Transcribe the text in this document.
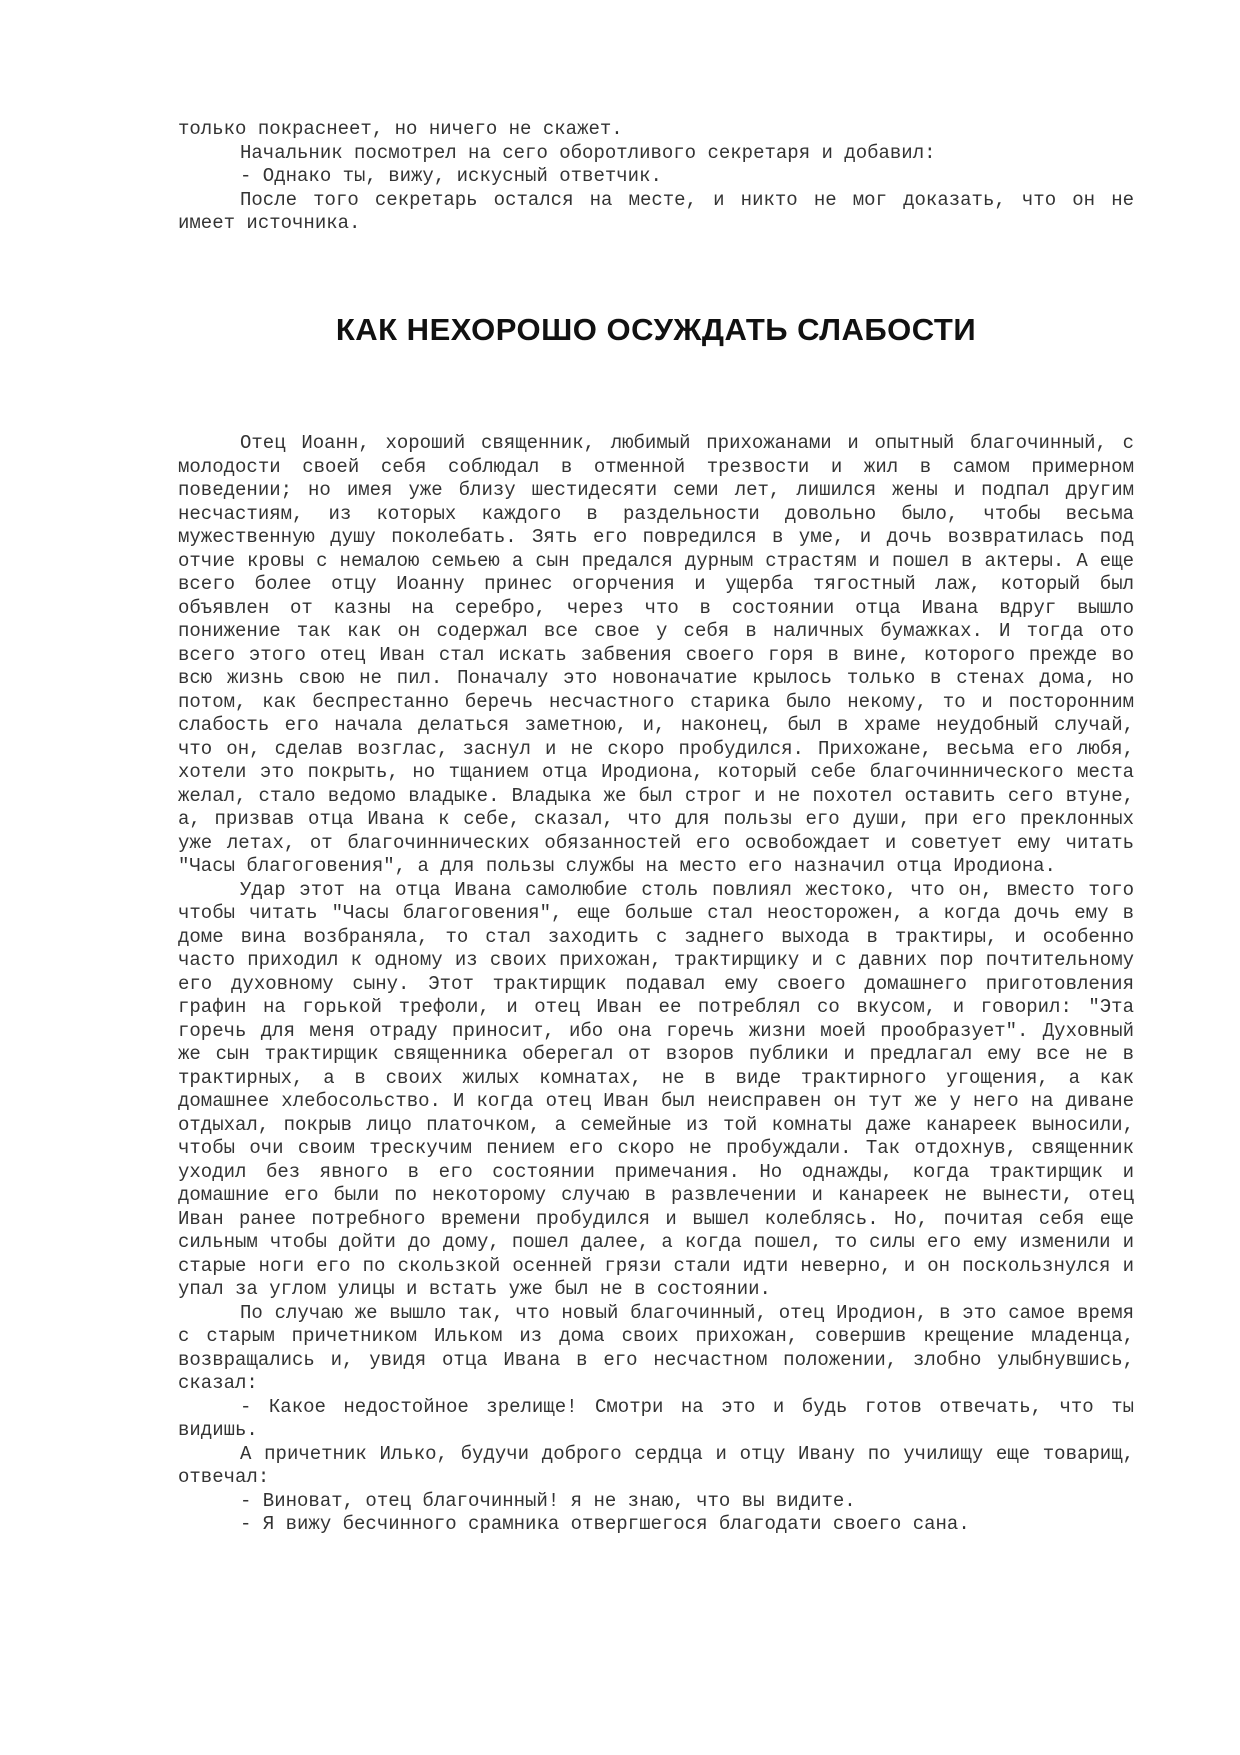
только покраснеет, но ничего не скажет.

Начальник посмотрел на сего оборотливого секретаря и добавил:

- Однако ты, вижу, искусный ответчик.

После того секретарь остался на месте, и никто не мог доказать, что он не имеет источника.

КАК НЕХОРОШО ОСУЖДАТЬ СЛАБОСТИ

Отец Иоанн, хороший священник, любимый прихожанами и опытный благочинный, с молодости своей себя соблюдал в отменной трезвости и жил в самом примерном поведении; но имея уже близу шестидесяти семи лет, лишился жены и подпал другим несчастиям, из которых каждого в раздельности довольно было, чтобы весьма мужественную душу поколебать. Зять его повредился в уме, и дочь возвратилась под отчие кровы с немалою семьею а сын предался дурным страстям и пошел в актеры. А еще всего более отцу Иоанну принес огорчения и ущерба тягостный лаж, который был объявлен от казны на серебро, через что в состоянии отца Ивана вдруг вышло понижение так как он содержал все свое у себя в наличных бумажках. И тогда ото всего этого отец Иван стал искать забвения своего горя в вине, которого прежде во всю жизнь свою не пил. Поначалу это новоначатие крылось только в стенах дома, но потом, как беспрестанно беречь несчастного старика было некому, то и посторонним слабость его начала делаться заметною, и, наконец, был в храме неудобный случай, что он, сделав возглас, заснул и не скоро пробудился. Прихожане, весьма его любя, хотели это покрыть, но тщанием отца Иродиона, который себе благочиннического места желал, стало ведомо владыке. Владыка же был строг и не похотел оставить сего втуне, а, призвав отца Ивана к себе, сказал, что для пользы его души, при его преклонных уже летах, от благочиннических обязанностей его освобождает и советует ему читать "Часы благоговения", а для пользы службы на место его назначил отца Иродиона.

Удар этот на отца Ивана самолюбие столь повлиял жестоко, что он, вместо того чтобы читать "Часы благоговения", еще больше стал неосторожен, а когда дочь ему в доме вина возбраняла, то стал заходить с заднего выхода в трактиры, и особенно часто приходил к одному из своих прихожан, трактирщику и с давних пор почтительному его духовному сыну. Этот трактирщик подавал ему своего домашнего приготовления графин на горькой трефоли, и отец Иван ее потреблял со вкусом, и говорил: "Эта горечь для меня отраду приносит, ибо она горечь жизни моей прообразует". Духовный же сын трактирщик священника оберегал от взоров публики и предлагал ему все не в трактирных, а в своих жилых комнатах, не в виде трактирного угощения, а как домашнее хлебосольство. И когда отец Иван был неисправен он тут же у него на диване отдыхал, покрыв лицо платочком, а семейные из той комнаты даже канареек выносили, чтобы очи своим трескучим пением его скоро не пробуждали. Так отдохнув, священник уходил без явного в его состоянии примечания. Но однажды, когда трактирщик и домашние его были по некоторому случаю в развлечении и канареек не вынести, отец Иван ранее потребного времени пробудился и вышел колеблясь. Но, почитая себя еще сильным чтобы дойти до дому, пошел далее, а когда пошел, то силы его ему изменили и старые ноги его по скользкой осенней грязи стали идти неверно, и он поскользнулся и упал за углом улицы и встать уже был не в состоянии.

По случаю же вышло так, что новый благочинный, отец Иродион, в это самое время с старым причетником Ильком из дома своих прихожан, совершив крещение младенца, возвращались и, увидя отца Ивана в его несчастном положении, злобно улыбнувшись, сказал:

- Какое недостойное зрелище! Смотри на это и будь готов отвечать, что ты видишь.

А причетник Илько, будучи доброго сердца и отцу Ивану по училищу еще товарищ, отвечал:

- Виноват, отец благочинный! я не знаю, что вы видите.

- Я вижу бесчинного срамника отвергшегося благодати своего сана.
